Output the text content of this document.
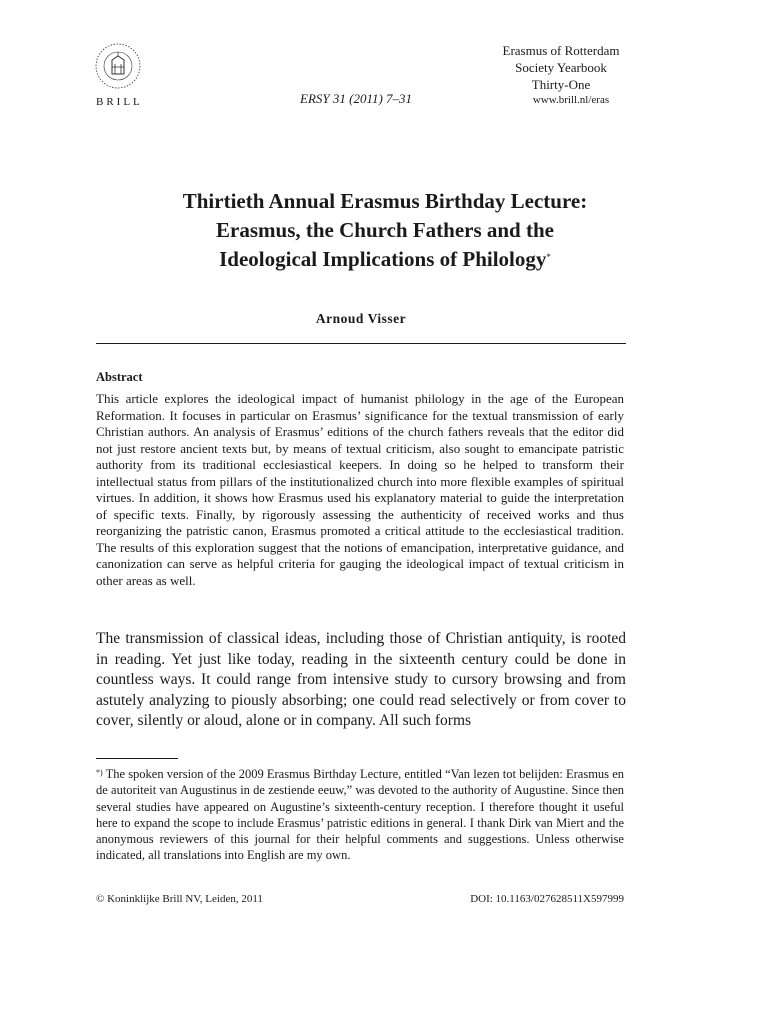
BRILL	ERSY 31 (2011) 7–31
Erasmus of Rotterdam
Society Yearbook
Thirty-One
www.brill.nl/eras
Thirtieth Annual Erasmus Birthday Lecture:
Erasmus, the Church Fathers and the
Ideological Implications of Philology*
Arnoud Visser
Abstract
This article explores the ideological impact of humanist philology in the age of the European Reformation. It focuses in particular on Erasmus’ significance for the textual transmission of early Christian authors. An analysis of Erasmus’ editions of the church fathers reveals that the editor did not just restore ancient texts but, by means of textual criticism, also sought to emancipate patristic authority from its traditional ecclesiastical keepers. In doing so he helped to transform their intellectual status from pillars of the institutionalized church into more flexible examples of spiritual virtues. In addition, it shows how Erasmus used his explanatory material to guide the interpretation of specific texts. Finally, by rigorously assessing the authenticity of received works and thus reorganizing the patristic canon, Erasmus promoted a critical attitude to the ecclesiastical tradition. The results of this exploration suggest that the notions of emancipation, interpretative guidance, and canonization can serve as helpful criteria for gauging the ideological impact of textual criticism in other areas as well.
The transmission of classical ideas, including those of Christian antiquity, is rooted in reading. Yet just like today, reading in the sixteenth century could be done in countless ways. It could range from intensive study to cursory browsing and from astutely analyzing to piously absorbing; one could read selectively or from cover to cover, silently or aloud, alone or in company. All such forms
*) The spoken version of the 2009 Erasmus Birthday Lecture, entitled “Van lezen tot belijden: Erasmus en de autoriteit van Augustinus in de zestiende eeuw,” was devoted to the authority of Augustine. Since then several studies have appeared on Augustine’s sixteenth-century reception. I therefore thought it useful here to expand the scope to include Erasmus’ patristic editions in general. I thank Dirk van Miert and the anonymous reviewers of this journal for their helpful comments and suggestions. Unless otherwise indicated, all translations into English are my own.
© Koninklijke Brill NV, Leiden, 2011	DOI: 10.1163/027628511X597999
